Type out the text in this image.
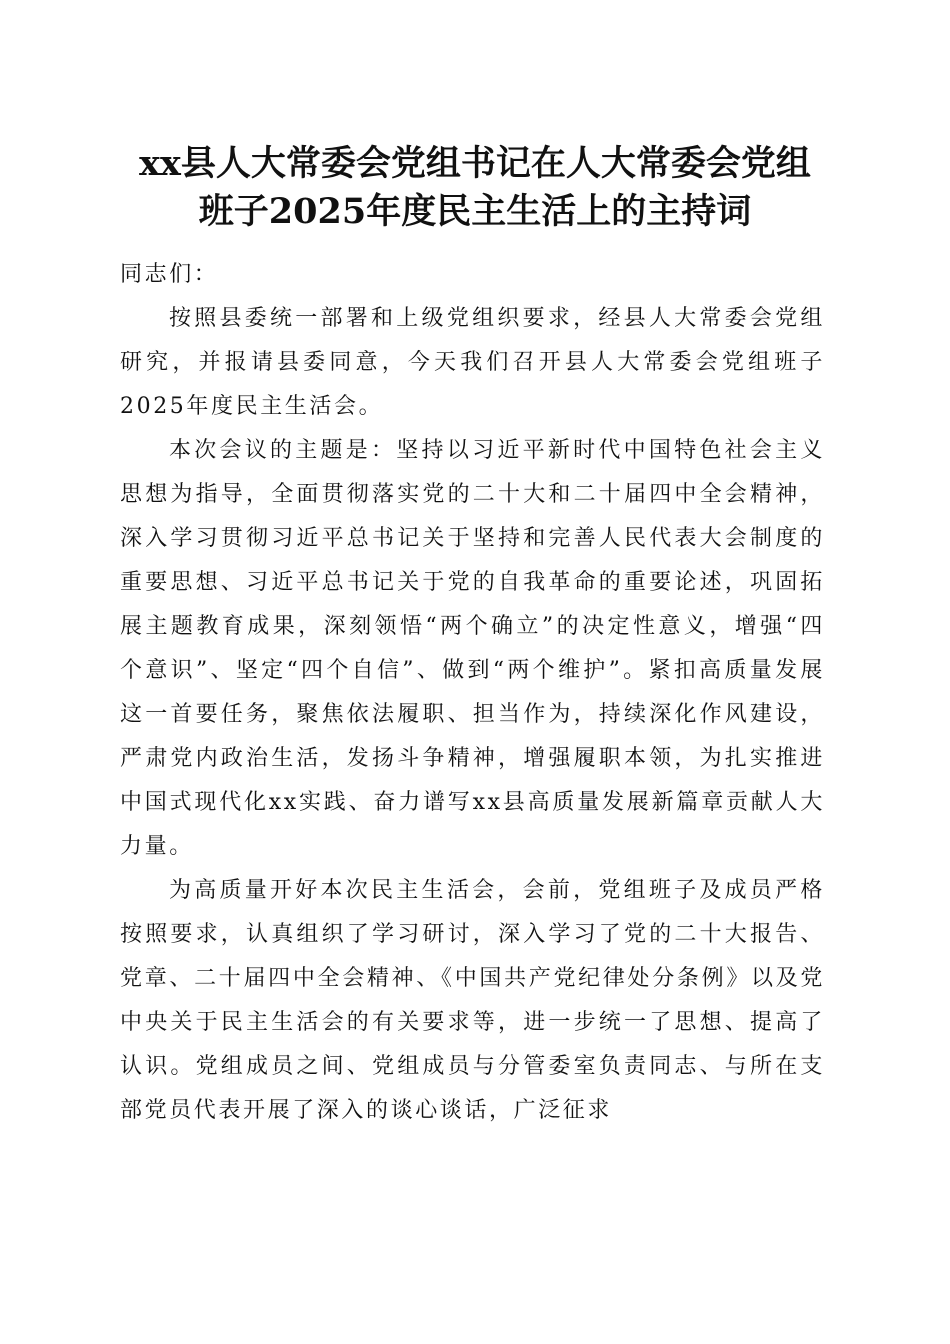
xx县人大常委会党组书记在人大常委会党组
班子2025年度民主生活上的主持词

同志们：

按照县委统一部署和上级党组织要求，经县人大常委会党组研究，并报请县委同意，今天我们召开县人大常委会党组班子2025年度民主生活会。

本次会议的主题是：坚持以习近平新时代中国特色社会主义思想为指导，全面贯彻落实党的二十大和二十届四中全会精神，深入学习贯彻习近平总书记关于坚持和完善人民代表大会制度的重要思想、习近平总书记关于党的自我革命的重要论述，巩固拓展主题教育成果，深刻领悟“两个确立”的决定性意义，增强“四个意识”、坚定“四个自信”、做到“两个维护”。紧扣高质量发展这一首要任务，聚焦依法履职、担当作为，持续深化作风建设，严肃党内政治生活，发扬斗争精神，增强履职本领，为扎实推进中国式现代化xx实践、奋力谱写xx县高质量发展新篇章贡献人大力量。

为高质量开好本次民主生活会，会前，党组班子及成员严格按照要求，认真组织了学习研讨，深入学习了党的二十大报告、党章、二十届四中全会精神、《中国共产党纪律处分条例》以及党中央关于民主生活会的有关要求等，进一步统一了思想、提高了认识。党组成员之间、党组成员与分管委室负责同志、与所在支部党员代表开展了深入的谈心谈话，广泛征求
